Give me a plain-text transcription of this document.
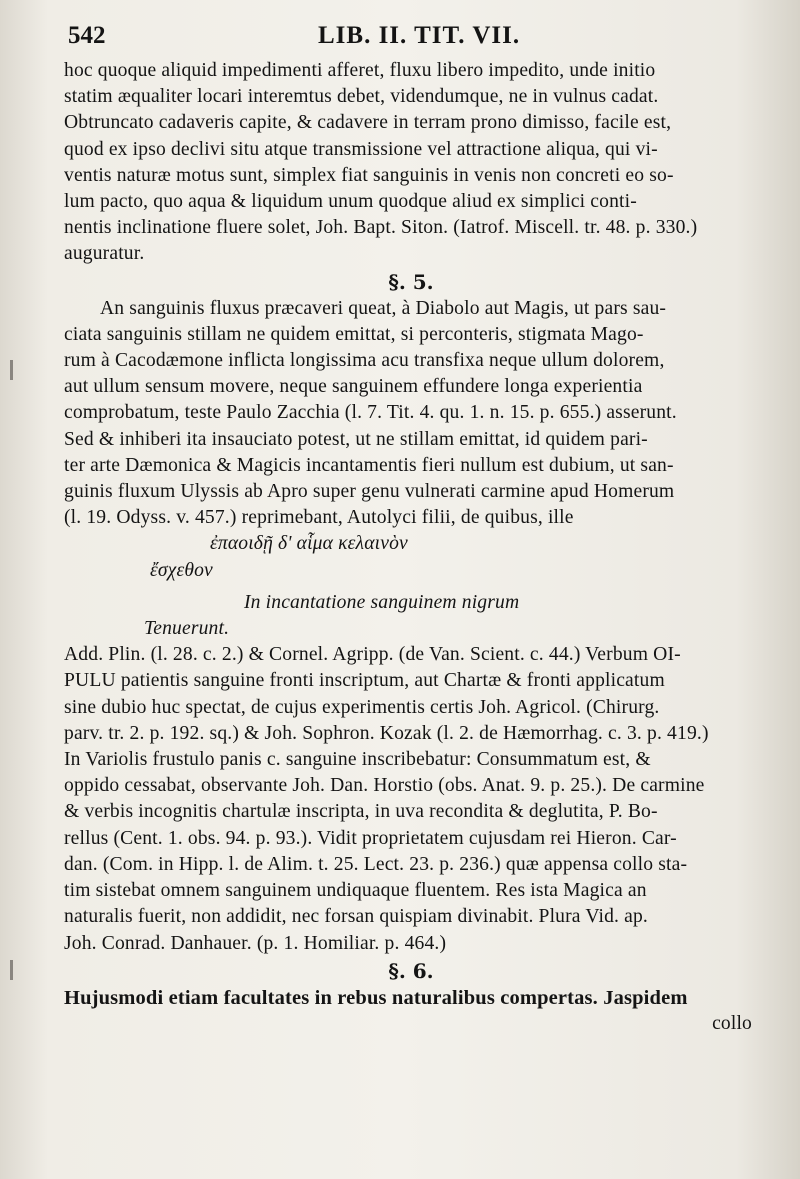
542	LIB. II. TIT. VII.
hoc quoque aliquid impedimenti afferet, fluxu libero impedito, unde initio
statim æqualiter locari interemtus debet, videndumque, ne in vulnus cadat.
Obtruncato cadaveris capite, & cadavere in terram prono dimisso, facile est,
quod ex ipso declivi situ atque transmissione vel attractione aliqua, qui vi-
ventis naturæ motus sunt, simplex fiat sanguinis in venis non concreti eo so-
lum pacto, quo aqua & liquidum unum quodque aliud ex simplici conti-
nentis inclinatione fluere solet, Joh. Bapt. Siton. (Iatrof. Miscell. tr. 48. p. 330.)
auguratur.
§. 5.
An sanguinis fluxus præcaveri queat, à Diabolo aut Magis, ut pars sau-
ciata sanguinis stillam ne quidem emittat, si perconteris, stigmata Mago-
rum à Cacodæmone inflicta longissima acu transfixa neque ullum dolorem,
aut ullum sensum movere, neque sanguinem effundere longa experientia
comprobatum, teste Paulo Zacchia (l. 7. Tit. 4. qu. 1. n. 15. p. 655.) asserunt.
Sed & inhiberi ita insauciato potest, ut ne stillam emittat, id quidem pari-
ter arte Dæmonica & Magicis incantamentis fieri nullum est dubium, ut san-
guinis fluxum Ulyssis ab Apro super genu vulnerati carmine apud Homerum
(l. 19. Odyss. v. 457.) reprimebant, Autolyci filii, de quibus, ille
ἐπαοιδῇ δ' αἷμα κελαινὸν
ἔσχεθον
In incantatione sanguinem nigrum
Tenuerunt.
Add. Plin. (l. 28. c. 2.) & Cornel. Agripp. (de Van. Scient. c. 44.) Verbum OI-
PULU patientis sanguine fronti inscriptum, aut Chartæ & fronti applicatum
sine dubio huc spectat, de cujus experimentis certis Joh. Agricol. (Chirurg.
parv. tr. 2. p. 192. sq.) & Joh. Sophron. Kozak (l. 2. de Hæmorrhag. c. 3. p. 419.)
In Variolis frustulo panis c. sanguine inscribebatur: Consummatum est, &
oppido cessabat, observante Joh. Dan. Horstio (obs. Anat. 9. p. 25.). De carmine
& verbis incognitis chartulæ inscripta, in uva recondita & deglutita, P. Bo-
rellus (Cent. 1. obs. 94. p. 93.). Vidit proprietatem cujusdam rei Hieron. Car-
dan. (Com. in Hipp. l. de Alim. t. 25. Lect. 23. p. 236.) quæ appensa collo sta-
tim sistebat omnem sanguinem undiquaque fluentem. Res ista Magica an
naturalis fuerit, non addidit, nec forsan quispiam divinabit. Plura Vid. ap.
Joh. Conrad. Danhauer. (p. 1. Homiliar. p. 464.)
§. 6.
Hujusmodi etiam facultates in rebus naturalibus compertas. Jaspidem
collo
